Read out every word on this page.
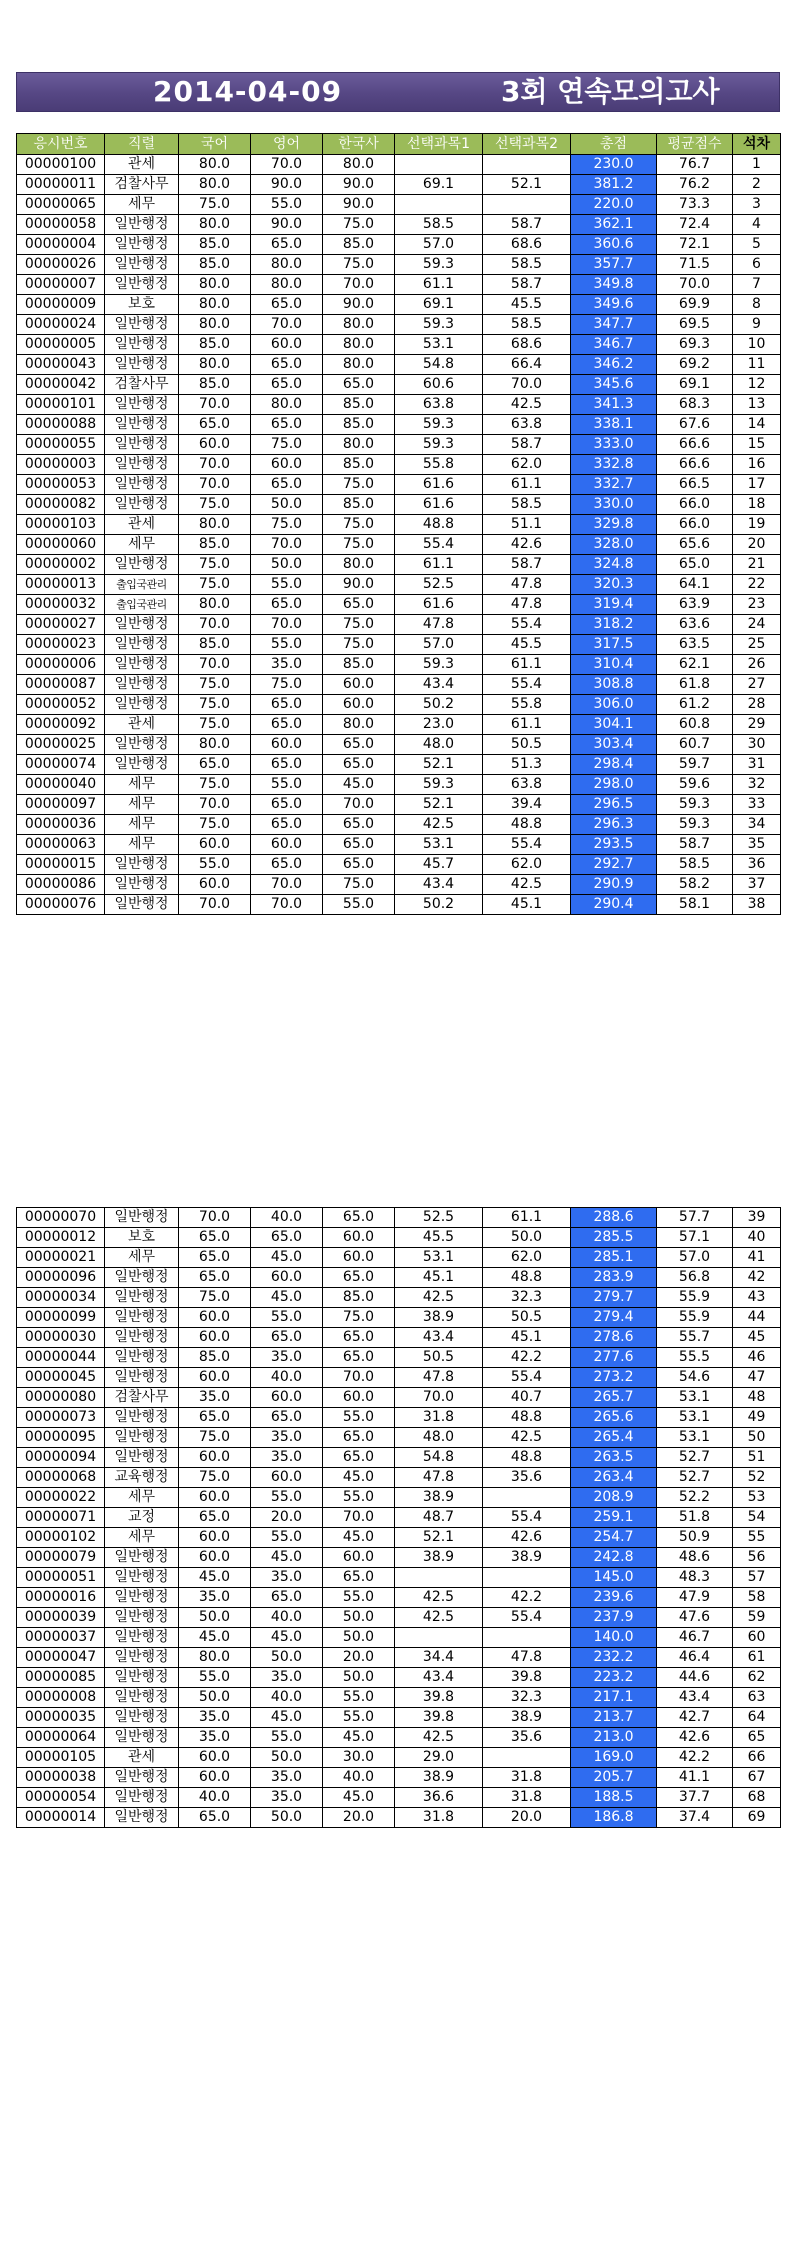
2014-04-09	3회 연속모의고사
응시번호	직렬	국어	영어	한국사	선택과목1	선택과목2	총점	평균점수	석차
00000100	관세	80.0	70.0	80.0			230.0	76.7	1
00000011	검찰사무	80.0	90.0	90.0	69.1	52.1	381.2	76.2	2
00000065	세무	75.0	55.0	90.0			220.0	73.3	3
00000058	일반행정	80.0	90.0	75.0	58.5	58.7	362.1	72.4	4
00000004	일반행정	85.0	65.0	85.0	57.0	68.6	360.6	72.1	5
00000026	일반행정	85.0	80.0	75.0	59.3	58.5	357.7	71.5	6
00000007	일반행정	80.0	80.0	70.0	61.1	58.7	349.8	70.0	7
00000009	보호	80.0	65.0	90.0	69.1	45.5	349.6	69.9	8
00000024	일반행정	80.0	70.0	80.0	59.3	58.5	347.7	69.5	9
00000005	일반행정	85.0	60.0	80.0	53.1	68.6	346.7	69.3	10
00000043	일반행정	80.0	65.0	80.0	54.8	66.4	346.2	69.2	11
00000042	검찰사무	85.0	65.0	65.0	60.6	70.0	345.6	69.1	12
00000101	일반행정	70.0	80.0	85.0	63.8	42.5	341.3	68.3	13
00000088	일반행정	65.0	65.0	85.0	59.3	63.8	338.1	67.6	14
00000055	일반행정	60.0	75.0	80.0	59.3	58.7	333.0	66.6	15
00000003	일반행정	70.0	60.0	85.0	55.8	62.0	332.8	66.6	16
00000053	일반행정	70.0	65.0	75.0	61.6	61.1	332.7	66.5	17
00000082	일반행정	75.0	50.0	85.0	61.6	58.5	330.0	66.0	18
00000103	관세	80.0	75.0	75.0	48.8	51.1	329.8	66.0	19
00000060	세무	85.0	70.0	75.0	55.4	42.6	328.0	65.6	20
00000002	일반행정	75.0	50.0	80.0	61.1	58.7	324.8	65.0	21
00000013	출입국관리	75.0	55.0	90.0	52.5	47.8	320.3	64.1	22
00000032	출입국관리	80.0	65.0	65.0	61.6	47.8	319.4	63.9	23
00000027	일반행정	70.0	70.0	75.0	47.8	55.4	318.2	63.6	24
00000023	일반행정	85.0	55.0	75.0	57.0	45.5	317.5	63.5	25
00000006	일반행정	70.0	35.0	85.0	59.3	61.1	310.4	62.1	26
00000087	일반행정	75.0	75.0	60.0	43.4	55.4	308.8	61.8	27
00000052	일반행정	75.0	65.0	60.0	50.2	55.8	306.0	61.2	28
00000092	관세	75.0	65.0	80.0	23.0	61.1	304.1	60.8	29
00000025	일반행정	80.0	60.0	65.0	48.0	50.5	303.4	60.7	30
00000074	일반행정	65.0	65.0	65.0	52.1	51.3	298.4	59.7	31
00000040	세무	75.0	55.0	45.0	59.3	63.8	298.0	59.6	32
00000097	세무	70.0	65.0	70.0	52.1	39.4	296.5	59.3	33
00000036	세무	75.0	65.0	65.0	42.5	48.8	296.3	59.3	34
00000063	세무	60.0	60.0	65.0	53.1	55.4	293.5	58.7	35
00000015	일반행정	55.0	65.0	65.0	45.7	62.0	292.7	58.5	36
00000086	일반행정	60.0	70.0	75.0	43.4	42.5	290.9	58.2	37
00000076	일반행정	70.0	70.0	55.0	50.2	45.1	290.4	58.1	38
00000070	일반행정	70.0	40.0	65.0	52.5	61.1	288.6	57.7	39
00000012	보호	65.0	65.0	60.0	45.5	50.0	285.5	57.1	40
00000021	세무	65.0	45.0	60.0	53.1	62.0	285.1	57.0	41
00000096	일반행정	65.0	60.0	65.0	45.1	48.8	283.9	56.8	42
00000034	일반행정	75.0	45.0	85.0	42.5	32.3	279.7	55.9	43
00000099	일반행정	60.0	55.0	75.0	38.9	50.5	279.4	55.9	44
00000030	일반행정	60.0	65.0	65.0	43.4	45.1	278.6	55.7	45
00000044	일반행정	85.0	35.0	65.0	50.5	42.2	277.6	55.5	46
00000045	일반행정	60.0	40.0	70.0	47.8	55.4	273.2	54.6	47
00000080	검찰사무	35.0	60.0	60.0	70.0	40.7	265.7	53.1	48
00000073	일반행정	65.0	65.0	55.0	31.8	48.8	265.6	53.1	49
00000095	일반행정	75.0	35.0	65.0	48.0	42.5	265.4	53.1	50
00000094	일반행정	60.0	35.0	65.0	54.8	48.8	263.5	52.7	51
00000068	교육행정	75.0	60.0	45.0	47.8	35.6	263.4	52.7	52
00000022	세무	60.0	55.0	55.0	38.9		208.9	52.2	53
00000071	교정	65.0	20.0	70.0	48.7	55.4	259.1	51.8	54
00000102	세무	60.0	55.0	45.0	52.1	42.6	254.7	50.9	55
00000079	일반행정	60.0	45.0	60.0	38.9	38.9	242.8	48.6	56
00000051	일반행정	45.0	35.0	65.0			145.0	48.3	57
00000016	일반행정	35.0	65.0	55.0	42.5	42.2	239.6	47.9	58
00000039	일반행정	50.0	40.0	50.0	42.5	55.4	237.9	47.6	59
00000037	일반행정	45.0	45.0	50.0			140.0	46.7	60
00000047	일반행정	80.0	50.0	20.0	34.4	47.8	232.2	46.4	61
00000085	일반행정	55.0	35.0	50.0	43.4	39.8	223.2	44.6	62
00000008	일반행정	50.0	40.0	55.0	39.8	32.3	217.1	43.4	63
00000035	일반행정	35.0	45.0	55.0	39.8	38.9	213.7	42.7	64
00000064	일반행정	35.0	55.0	45.0	42.5	35.6	213.0	42.6	65
00000105	관세	60.0	50.0	30.0	29.0		169.0	42.2	66
00000038	일반행정	60.0	35.0	40.0	38.9	31.8	205.7	41.1	67
00000054	일반행정	40.0	35.0	45.0	36.6	31.8	188.5	37.7	68
00000014	일반행정	65.0	50.0	20.0	31.8	20.0	186.8	37.4	69
